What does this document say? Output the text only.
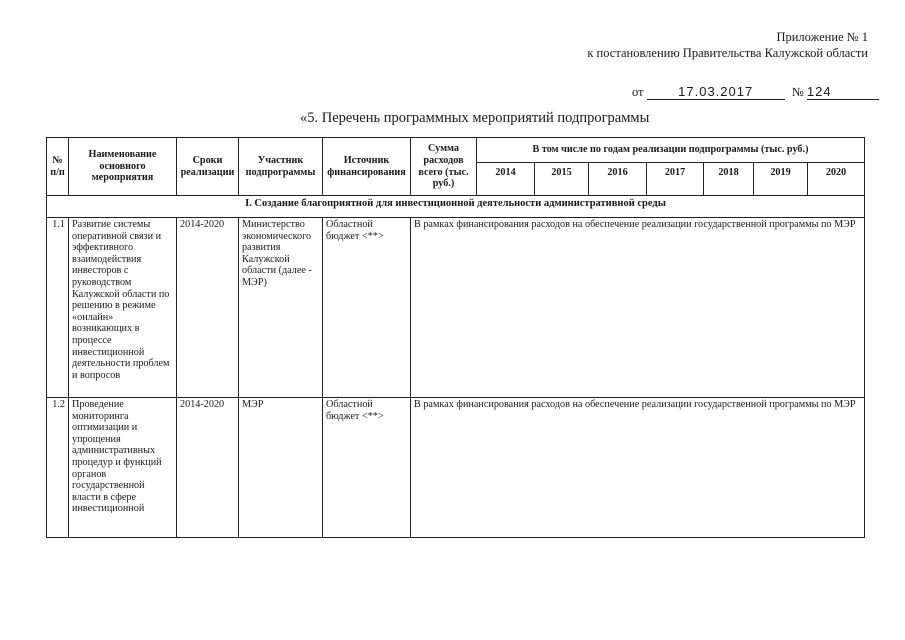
Приложение № 1
к постановлению Правительства Калужской области
от	17.03.2017	№ 124
«5. Перечень программных мероприятий подпрограммы
№ п/п	Наименование основного мероприятия	Сроки реализации	Участник подпрограммы	Источник финансирования	Сумма расходов всего (тыс. руб.)	В том числе по годам реализации подпрограммы (тыс. руб.)						
						2014	2015	2016	2017	2018	2019	2020
I. Создание благоприятной для инвестиционной деятельности административной среды												
1.1	Развитие системы оперативной связи и эффективного взаимодействия инвесторов с руководством Калужской области по решению в режиме «онлайн» возникающих в процессе инвестиционной деятельности проблем и вопросов	2014-2020	Министерство экономического развития Калужской области (далее - МЭР)	Областной бюджет <**>	В рамках финансирования расходов на обеспечение реализации государственной программы по МЭР							
1.2	Проведение мониторинга оптимизации и упрощения административных процедур и функций органов государственной власти в сфере инвестиционной	2014-2020	МЭР	Областной бюджет <**>	В рамках финансирования расходов на обеспечение реализации государственной программы по МЭР							
